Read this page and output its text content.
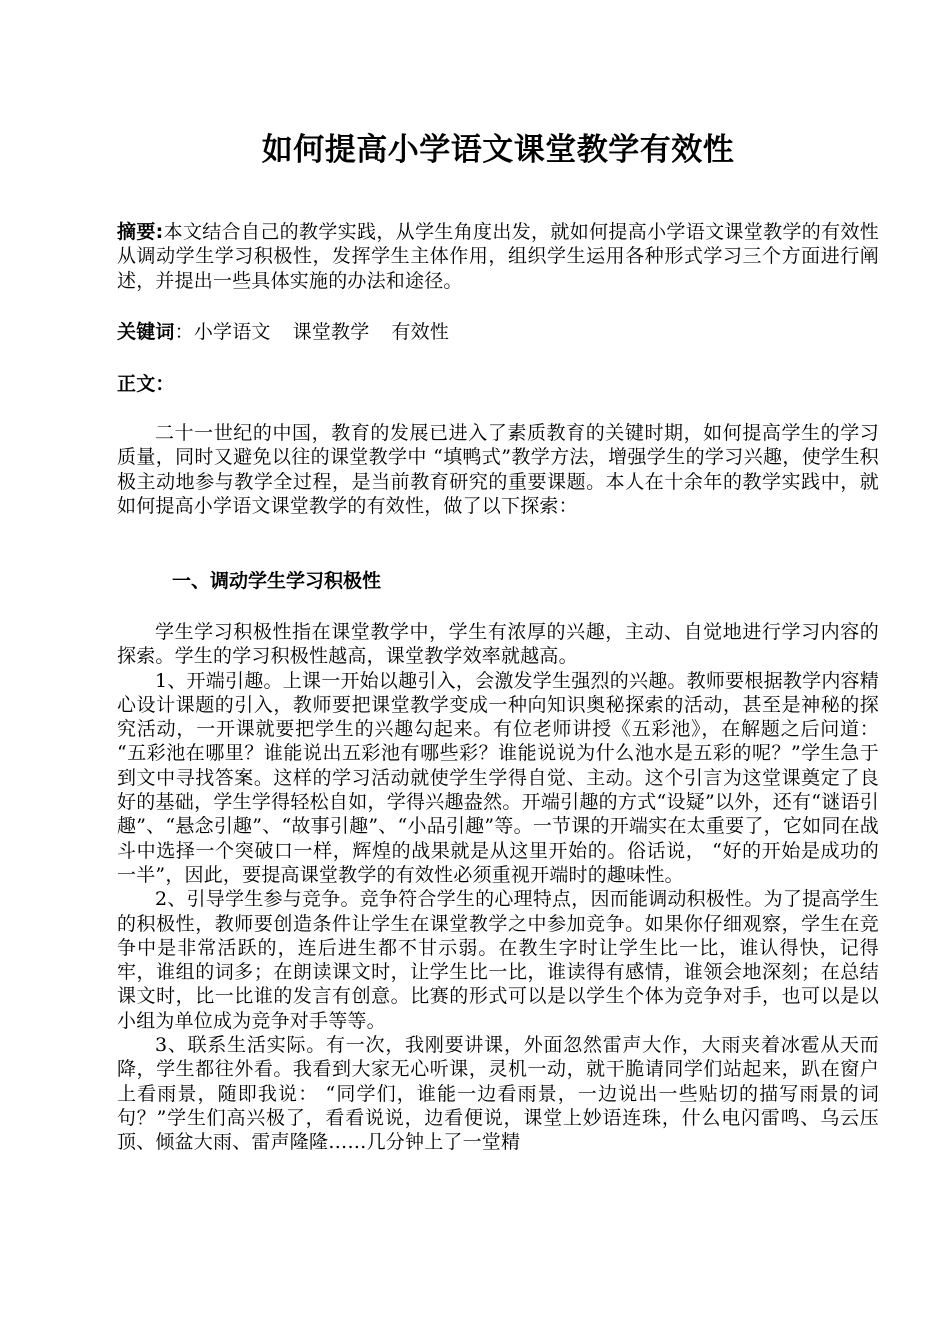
如何提高小学语文课堂教学有效性
摘要:本文结合自己的教学实践，从学生角度出发，就如何提高小学语文课堂教学的有效性从调动学生学习积极性，发挥学生主体作用，组织学生运用各种形式学习三个方面进行阐述，并提出一些具体实施的办法和途径。
关键词：小学语文 课堂教学 有效性
正文：

二十一世纪的中国，教育的发展已进入了素质教育的关键时期，如何提高学生的学习质量，同时又避免以往的课堂教学中 “填鸭式”教学方法，增强学生的学习兴趣，使学生积极主动地参与教学全过程，是当前教育研究的重要课题。本人在十余年的教学实践中，就如何提高小学语文课堂教学的有效性，做了以下探索：

一、调动学生学习积极性

学生学习积极性指在课堂教学中，学生有浓厚的兴趣，主动、自觉地进行学习内容的探索。学生的学习积极性越高，课堂教学效率就越高。

1、开端引趣。上课一开始以趣引入，会激发学生强烈的兴趣。教师要根据教学内容精心设计课题的引入，教师要把课堂教学变成一种向知识奥秘探索的活动，甚至是神秘的探究活动，一开课就要把学生的兴趣勾起来。有位老师讲授《五彩池》，在解题之后问道： “五彩池在哪里？谁能说出五彩池有哪些彩？谁能说说为什么池水是五彩的呢？”学生急于到文中寻找答案。这样的学习活动就使学生学得自觉、主动。这个引言为这堂课奠定了良好的基础，学生学得轻松自如，学得兴趣盎然。开端引趣的方式“设疑”以外，还有“谜语引趣”、“悬念引趣”、“故事引趣”、“小品引趣”等。一节课的开端实在太重要了，它如同在战斗中选择一个突破口一样，辉煌的战果就是从这里开始的。俗话说， “好的开始是成功的一半”，因此，要提高课堂教学的有效性必须重视开端时的趣味性。

2、引导学生参与竞争。竞争符合学生的心理特点，因而能调动积极性。为了提高学生的积极性，教师要创造条件让学生在课堂教学之中参加竞争。如果你仔细观察，学生在竞争中是非常活跃的，连后进生都不甘示弱。在教生字时让学生比一比，谁认得快，记得牢，谁组的词多；在朗读课文时，让学生比一比，谁读得有感情，谁领会地深刻；在总结课文时，比一比谁的发言有创意。比赛的形式可以是以学生个体为竞争对手，也可以是以小组为单位成为竞争对手等等。

3、联系生活实际。有一次，我刚要讲课，外面忽然雷声大作，大雨夹着冰雹从天而降，学生都往外看。我看到大家无心听课，灵机一动，就干脆请同学们站起来，趴在窗户上看雨景，随即我说： “同学们，谁能一边看雨景，一边说出一些贴切的描写雨景的词句？”学生们高兴极了，看看说说，边看便说，课堂上妙语连珠，什么电闪雷鸣、乌云压顶、倾盆大雨、雷声隆隆……几分钟上了一堂精
